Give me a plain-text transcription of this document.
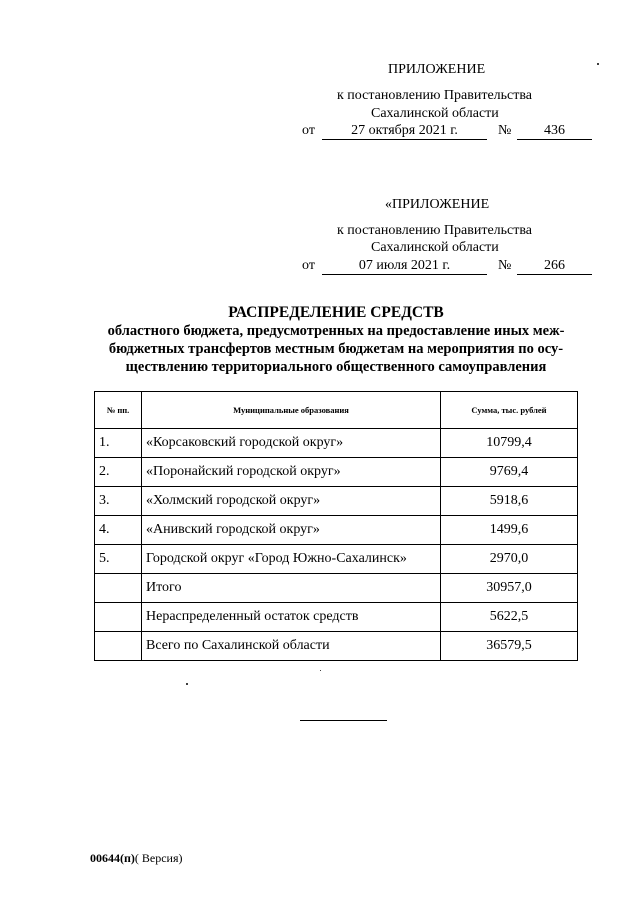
ПРИЛОЖЕНИЕ
к постановлению Правительства
Сахалинской области
от	27 октября 2021 г.	№	436
«ПРИЛОЖЕНИЕ
к постановлению Правительства
Сахалинской области
от	07 июля 2021 г.	№	266
РАСПРЕДЕЛЕНИЕ СРЕДСТВ
областного бюджета, предусмотренных на предоставление иных меж-
бюджетных трансфертов местным бюджетам на мероприятия по осу-
ществлению территориального общественного самоуправления
№ пп.	Муниципальные образования	Сумма, тыс. рублей
1.	«Корсаковский городской округ»	10799,4
2.	«Поронайский городской округ»	9769,4
3.	«Холмский городской округ»	5918,6
4.	«Анивский городской округ»	1499,6
5.	Городской округ «Город Южно-Сахалинск»	2970,0
	Итого	30957,0
	Нераспределенный остаток средств	5622,5
	Всего по Сахалинской области	36579,5
00644(п)( Версия)
